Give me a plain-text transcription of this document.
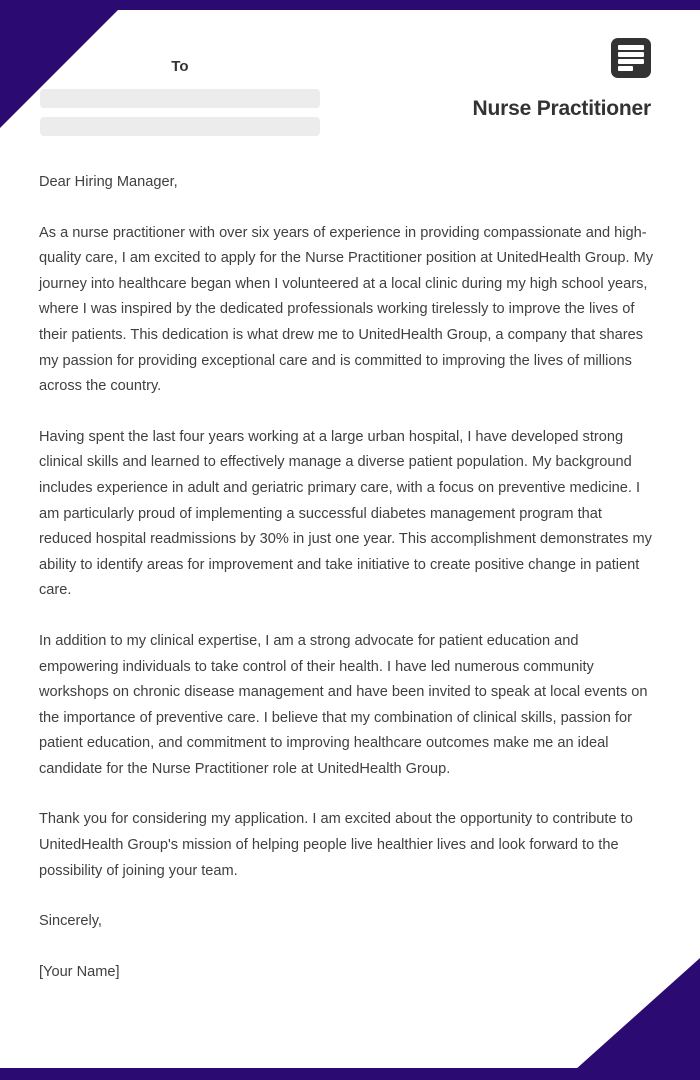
To
Nurse Practitioner

Dear Hiring Manager,

As a nurse practitioner with over six years of experience in providing compassionate and high-quality care, I am excited to apply for the Nurse Practitioner position at UnitedHealth Group. My journey into healthcare began when I volunteered at a local clinic during my high school years, where I was inspired by the dedicated professionals working tirelessly to improve the lives of their patients. This dedication is what drew me to UnitedHealth Group, a company that shares my passion for providing exceptional care and is committed to improving the lives of millions across the country.

Having spent the last four years working at a large urban hospital, I have developed strong clinical skills and learned to effectively manage a diverse patient population. My background includes experience in adult and geriatric primary care, with a focus on preventive medicine. I am particularly proud of implementing a successful diabetes management program that reduced hospital readmissions by 30% in just one year. This accomplishment demonstrates my ability to identify areas for improvement and take initiative to create positive change in patient care.

In addition to my clinical expertise, I am a strong advocate for patient education and empowering individuals to take control of their health. I have led numerous community workshops on chronic disease management and have been invited to speak at local events on the importance of preventive care. I believe that my combination of clinical skills, passion for patient education, and commitment to improving healthcare outcomes make me an ideal candidate for the Nurse Practitioner role at UnitedHealth Group.

Thank you for considering my application. I am excited about the opportunity to contribute to UnitedHealth Group's mission of helping people live healthier lives and look forward to the possibility of joining your team.

Sincerely,

[Your Name]
